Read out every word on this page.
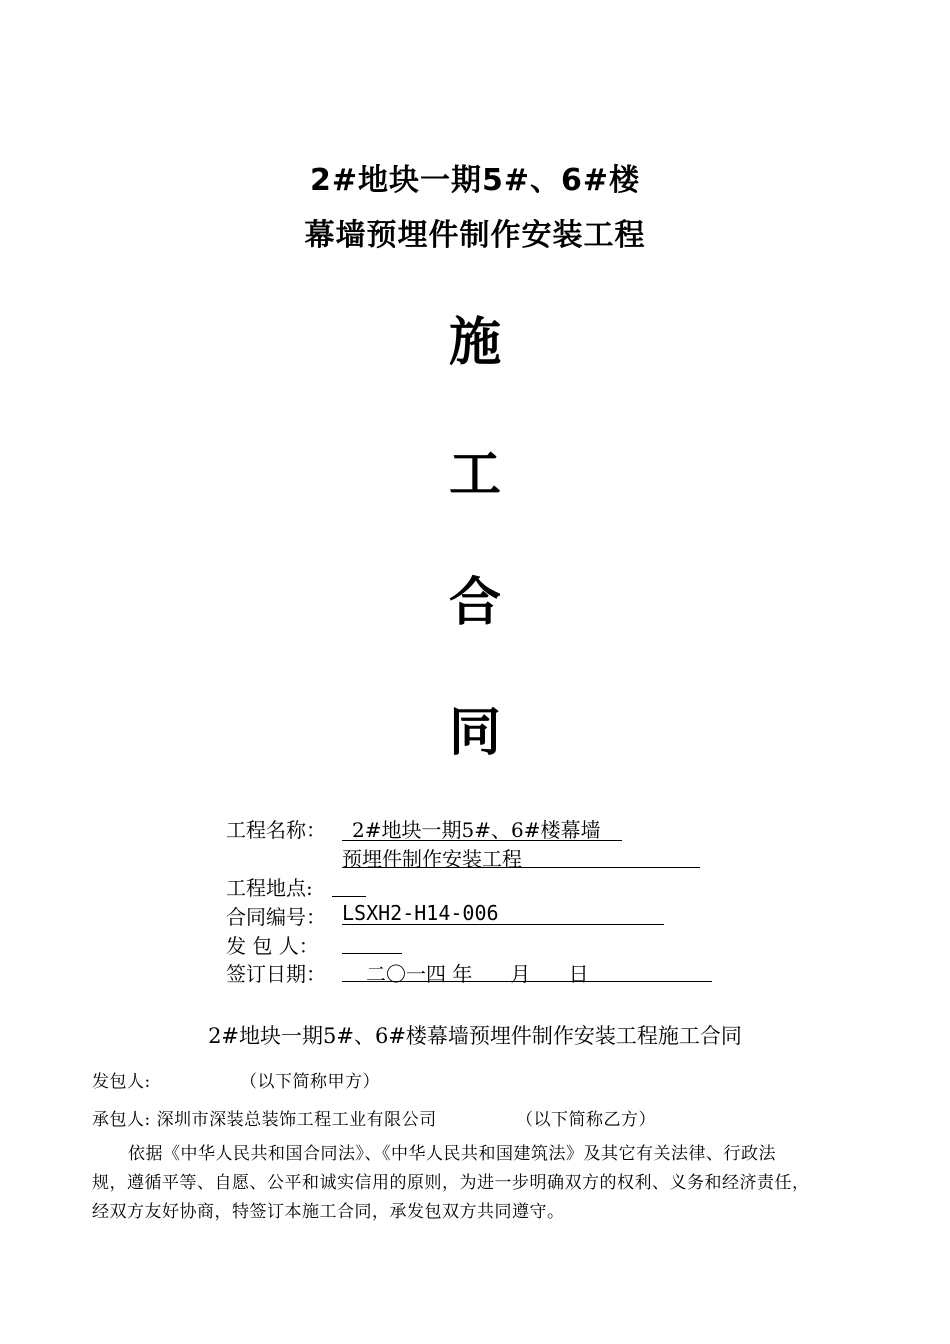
2#地块一期5#、6#楼
幕墙预埋件制作安装工程
施
工
合
同
工程名称： 2#地块一期5#、6#楼幕墙
预埋件制作安装工程
工程地点:
合同编号： LSXH2-H14-006
发 包 人：
签订日期： 二〇一四 年      月      日
2#地块一期5#、6#楼幕墙预埋件制作安装工程施工合同
发包人:	（以下简称甲方）
承包人: 深圳市深装总装饰工程工业有限公司	（以下简称乙方）
依据《中华人民共和国合同法》、《中华人民共和国建筑法》及其它有关法律、行政法
规，遵循平等、自愿、公平和诚实信用的原则，为进一步明确双方的权利、义务和经济责任，
经双方友好协商，特签订本施工合同，承发包双方共同遵守。
